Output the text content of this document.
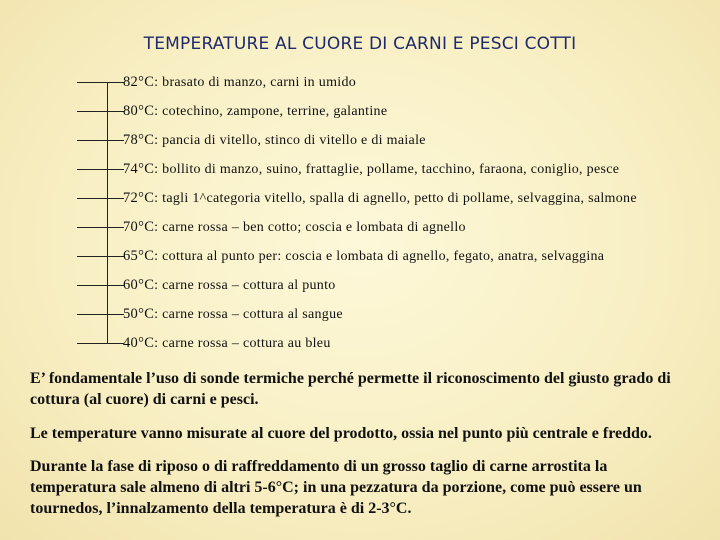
TEMPERATURE AL CUORE DI CARNI E PESCI COTTI
82°C: brasato di manzo, carni in umido
80°C: cotechino, zampone, terrine, galantine
78°C: pancia di vitello, stinco di vitello e di maiale
74°C: bollito di manzo, suino, frattaglie, pollame, tacchino, faraona, coniglio, pesce
72°C: tagli 1^categoria vitello, spalla di agnello, petto di pollame, selvaggina, salmone
70°C: carne rossa – ben cotto; coscia e lombata di agnello
65°C: cottura al punto per: coscia e lombata di agnello, fegato, anatra, selvaggina
60°C: carne rossa – cottura al punto
50°C: carne rossa – cottura al sangue
40°C: carne rossa – cottura au bleu
E’ fondamentale l’uso di sonde termiche perché permette il riconoscimento del giusto grado di cottura (al cuore) di carni e pesci.
Le temperature vanno misurate al cuore del prodotto, ossia nel punto più centrale e freddo.
Durante la fase di riposo o di raffreddamento di un grosso taglio di carne arrostita la temperatura sale almeno di altri 5-6°C; in una pezzatura da porzione, come può essere un tournedos, l’innalzamento della temperatura è di 2-3°C.
